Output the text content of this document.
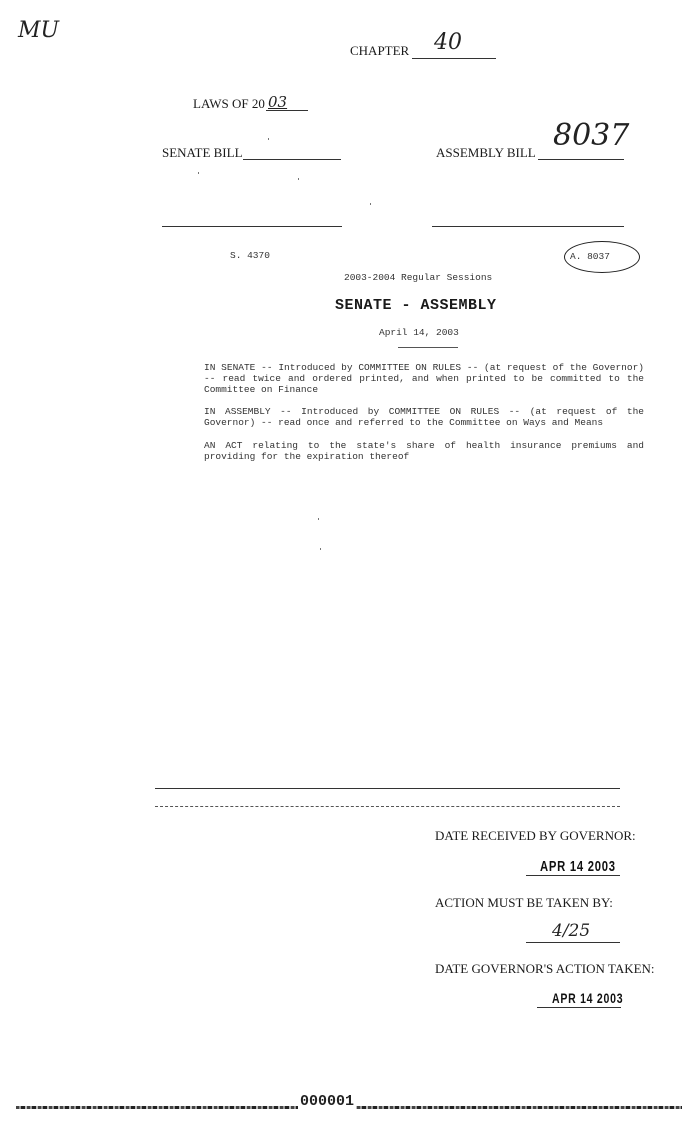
MU
CHAPTER 40
LAWS OF 20 03
SENATE BILL	ASSEMBLY BILL 8037
S. 4370	A. 8037
2003-2004 Regular Sessions
SENATE - ASSEMBLY
April 14, 2003
IN SENATE -- Introduced by COMMITTEE ON RULES -- (at request of the Governor) -- read twice and ordered printed, and when printed to be committed to the Committee on Finance
IN ASSEMBLY -- Introduced by COMMITTEE ON RULES -- (at request of the Governor) -- read once and referred to the Committee on Ways and Means
AN ACT relating to the state's share of health insurance premiums and providing for the expiration thereof
DATE RECEIVED BY GOVERNOR:
APR 14 2003
ACTION MUST BE TAKEN BY:
4/25
DATE GOVERNOR'S ACTION TAKEN:
APR 14 2003
000001
